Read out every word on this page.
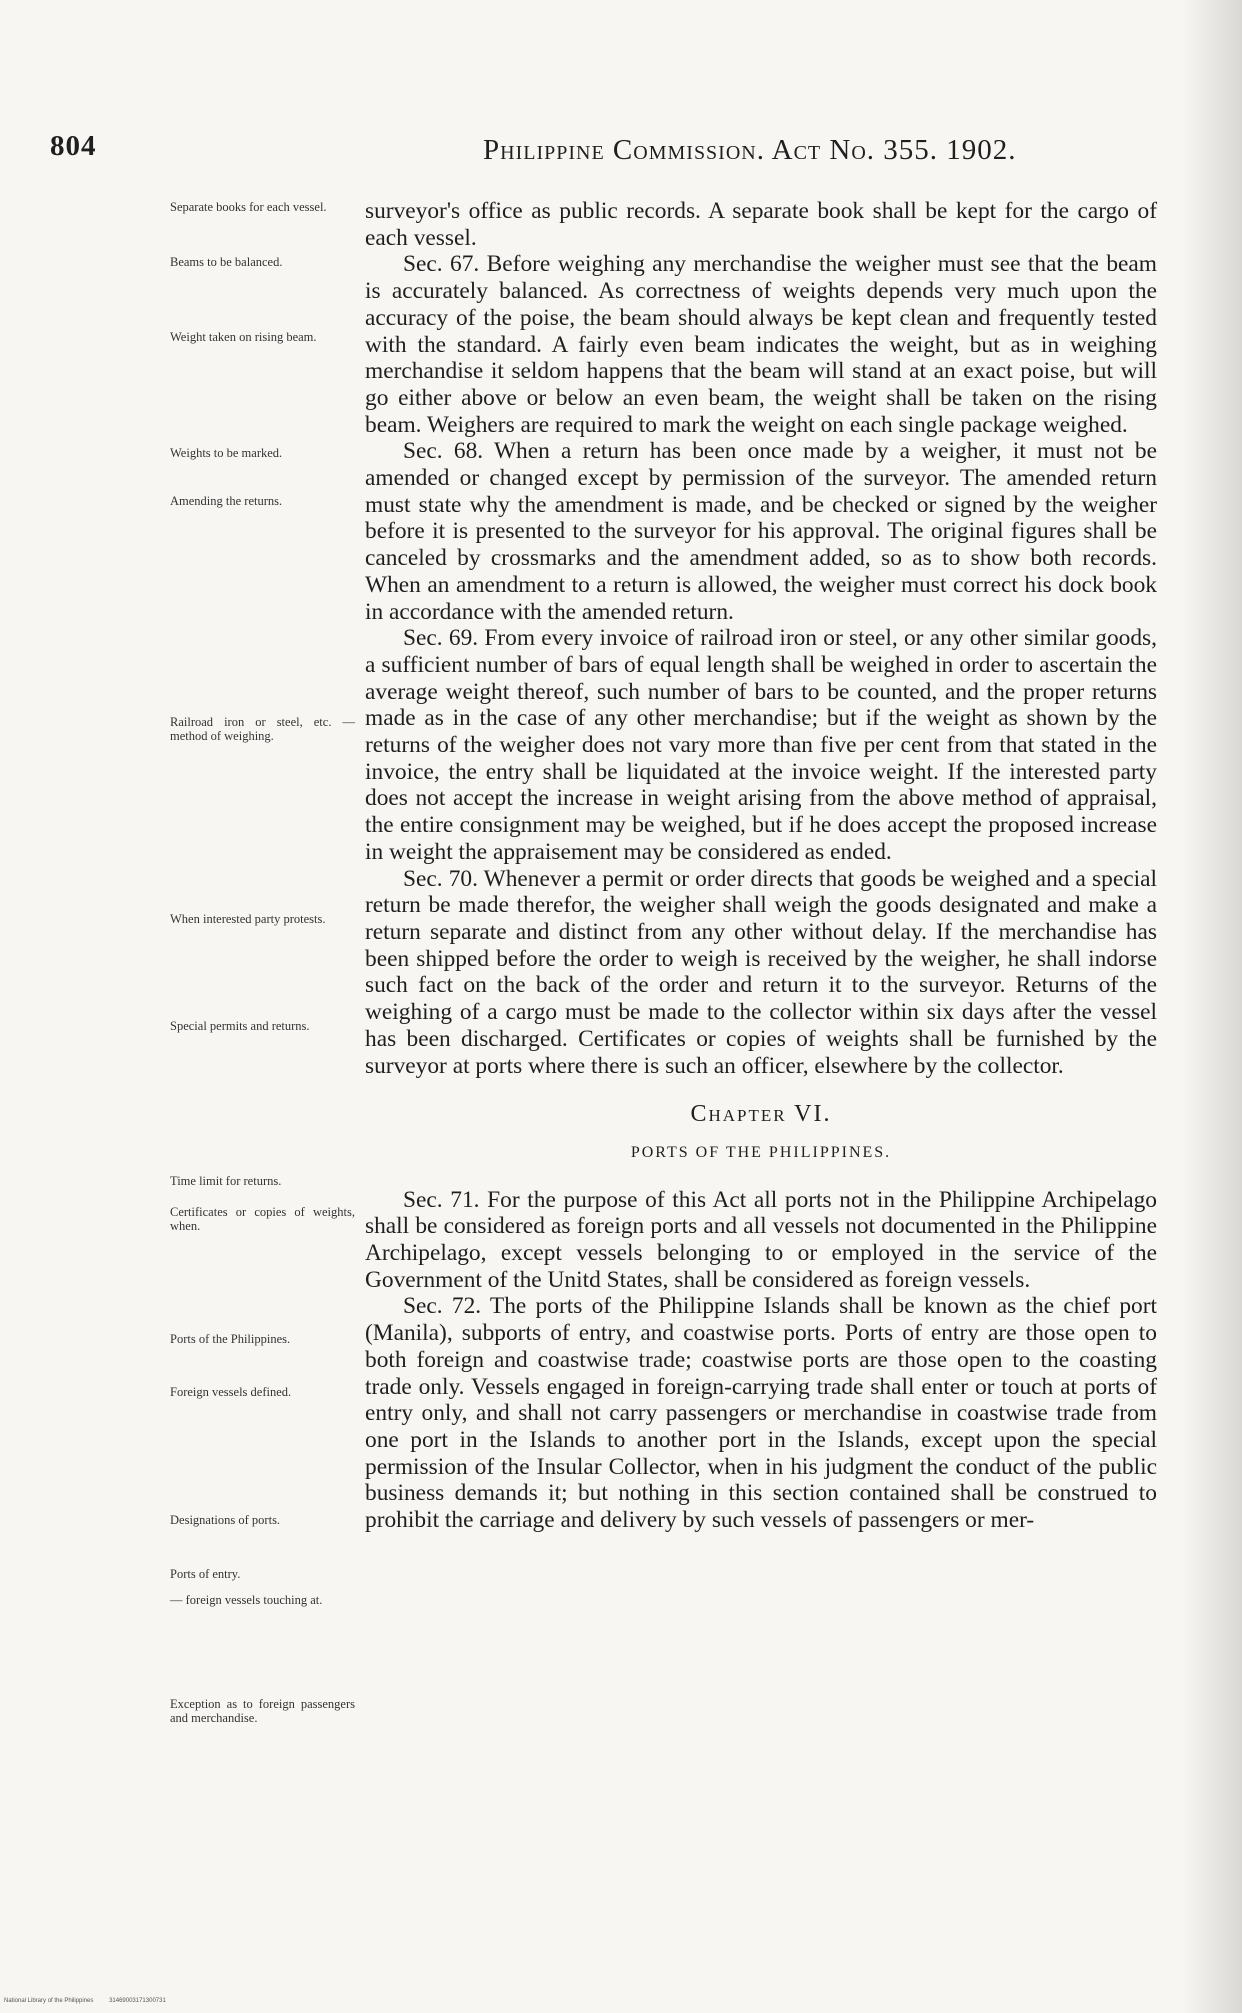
804	Philippine Commission. Act No. 355. 1902.
Separate books for each vessel.
Beams to be balanced.
Weight taken on rising beam.
Weights to be marked.
Amending the returns.
Railroad iron or steel, etc. — method of weighing.
When interested party protests.
Special permits and returns.
Time limit for returns.
Certificates or copies of weights, when.
Ports of the Philippines.
Foreign vessels defined.
Designations of ports.
Ports of entry.
— foreign vessels touching at.
Exception as to foreign passengers and merchandise.

surveyor's office as public records. A separate book shall be kept for the cargo of each vessel.

Sec. 67. Before weighing any merchandise the weigher must see that the beam is accurately balanced. As correctness of weights depends very much upon the accuracy of the poise, the beam should always be kept clean and frequently tested with the standard. A fairly even beam indicates the weight, but as in weighing merchandise it seldom happens that the beam will stand at an exact poise, but will go either above or below an even beam, the weight shall be taken on the rising beam. Weighers are required to mark the weight on each single package weighed.

Sec. 68. When a return has been once made by a weigher, it must not be amended or changed except by permission of the surveyor. The amended return must state why the amendment is made, and be checked or signed by the weigher before it is presented to the surveyor for his approval. The original figures shall be canceled by crossmarks and the amendment added, so as to show both records. When an amendment to a return is allowed, the weigher must correct his dock book in accordance with the amended return.

Sec. 69. From every invoice of railroad iron or steel, or any other similar goods, a sufficient number of bars of equal length shall be weighed in order to ascertain the average weight thereof, such number of bars to be counted, and the proper returns made as in the case of any other merchandise; but if the weight as shown by the returns of the weigher does not vary more than five per cent from that stated in the invoice, the entry shall be liquidated at the invoice weight. If the interested party does not accept the increase in weight arising from the above method of appraisal, the entire consignment may be weighed, but if he does accept the proposed increase in weight the appraisement may be considered as ended.

Sec. 70. Whenever a permit or order directs that goods be weighed and a special return be made therefor, the weigher shall weigh the goods designated and make a return separate and distinct from any other without delay. If the merchandise has been shipped before the order to weigh is received by the weigher, he shall indorse such fact on the back of the order and return it to the surveyor. Returns of the weighing of a cargo must be made to the collector within six days after the vessel has been discharged. Certificates or copies of weights shall be furnished by the surveyor at ports where there is such an officer, elsewhere by the collector.

Chapter VI.
PORTS OF THE PHILIPPINES.

Sec. 71. For the purpose of this Act all ports not in the Philippine Archipelago shall be considered as foreign ports and all vessels not documented in the Philippine Archipelago, except vessels belonging to or employed in the service of the Government of the Unitd States, shall be considered as foreign vessels.

Sec. 72. The ports of the Philippine Islands shall be known as the chief port (Manila), subports of entry, and coastwise ports. Ports of entry are those open to both foreign and coastwise trade; coastwise ports are those open to the coasting trade only. Vessels engaged in foreign-carrying trade shall enter or touch at ports of entry only, and shall not carry passengers or merchandise in coastwise trade from one port in the Islands to another port in the Islands, except upon the special permission of the Insular Collector, when in his judgment the conduct of the public business demands it; but nothing in this section contained shall be construed to prohibit the carriage and delivery by such vessels of passengers or mer-

National Library of the Philippines	31469003171300731
